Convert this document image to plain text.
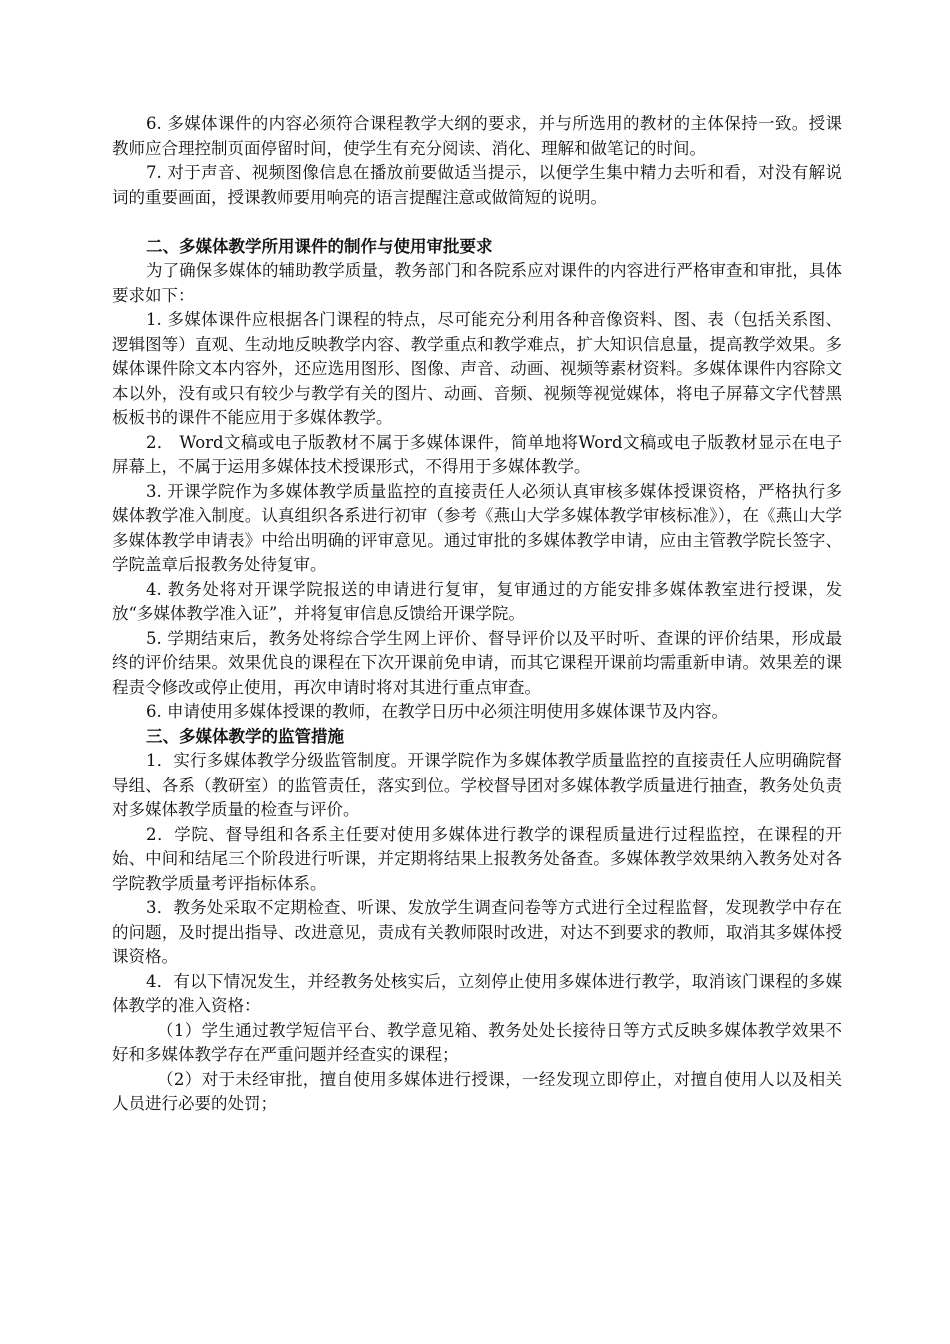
6. 多媒体课件的内容必须符合课程教学大纲的要求，并与所选用的教材的主体保持一致。授课教师应合理控制页面停留时间，使学生有充分阅读、消化、理解和做笔记的时间。

7. 对于声音、视频图像信息在播放前要做适当提示，以便学生集中精力去听和看，对没有解说词的重要画面，授课教师要用响亮的语言提醒注意或做简短的说明。

二、多媒体教学所用课件的制作与使用审批要求

为了确保多媒体的辅助教学质量，教务部门和各院系应对课件的内容进行严格审查和审批，具体要求如下：

1. 多媒体课件应根据各门课程的特点，尽可能充分利用各种音像资料、图、表（包括关系图、逻辑图等）直观、生动地反映教学内容、教学重点和教学难点，扩大知识信息量，提高教学效果。多媒体课件除文本内容外，还应选用图形、图像、声音、动画、视频等素材资料。多媒体课件内容除文本以外，没有或只有较少与教学有关的图片、动画、音频、视频等视觉媒体，将电子屏幕文字代替黑板板书的课件不能应用于多媒体教学。

2． Word文稿或电子版教材不属于多媒体课件，简单地将Word文稿或电子版教材显示在电子屏幕上，不属于运用多媒体技术授课形式，不得用于多媒体教学。

3. 开课学院作为多媒体教学质量监控的直接责任人必须认真审核多媒体授课资格，严格执行多媒体教学准入制度。认真组织各系进行初审（参考《燕山大学多媒体教学审核标准》），在《燕山大学多媒体教学申请表》中给出明确的评审意见。通过审批的多媒体教学申请，应由主管教学院长签字、学院盖章后报教务处待复审。

4. 教务处将对开课学院报送的申请进行复审，复审通过的方能安排多媒体教室进行授课，发放“多媒体教学准入证”，并将复审信息反馈给开课学院。

5. 学期结束后，教务处将综合学生网上评价、督导评价以及平时听、查课的评价结果，形成最终的评价结果。效果优良的课程在下次开课前免申请，而其它课程开课前均需重新申请。效果差的课程责令修改或停止使用，再次申请时将对其进行重点审查。

6. 申请使用多媒体授课的教师，在教学日历中必须注明使用多媒体课节及内容。

三、多媒体教学的监管措施

1．实行多媒体教学分级监管制度。开课学院作为多媒体教学质量监控的直接责任人应明确院督导组、各系（教研室）的监管责任，落实到位。学校督导团对多媒体教学质量进行抽查，教务处负责对多媒体教学质量的检查与评价。

2．学院、督导组和各系主任要对使用多媒体进行教学的课程质量进行过程监控，在课程的开始、中间和结尾三个阶段进行听课，并定期将结果上报教务处备查。多媒体教学效果纳入教务处对各学院教学质量考评指标体系。

3．教务处采取不定期检查、听课、发放学生调查问卷等方式进行全过程监督，发现教学中存在的问题，及时提出指导、改进意见，责成有关教师限时改进，对达不到要求的教师，取消其多媒体授课资格。

4．有以下情况发生，并经教务处核实后，立刻停止使用多媒体进行教学，取消该门课程的多媒体教学的准入资格：

（1）学生通过教学短信平台、教学意见箱、教务处处长接待日等方式反映多媒体教学效果不好和多媒体教学存在严重问题并经查实的课程；

（2）对于未经审批，擅自使用多媒体进行授课，一经发现立即停止，对擅自使用人以及相关人员进行必要的处罚；
